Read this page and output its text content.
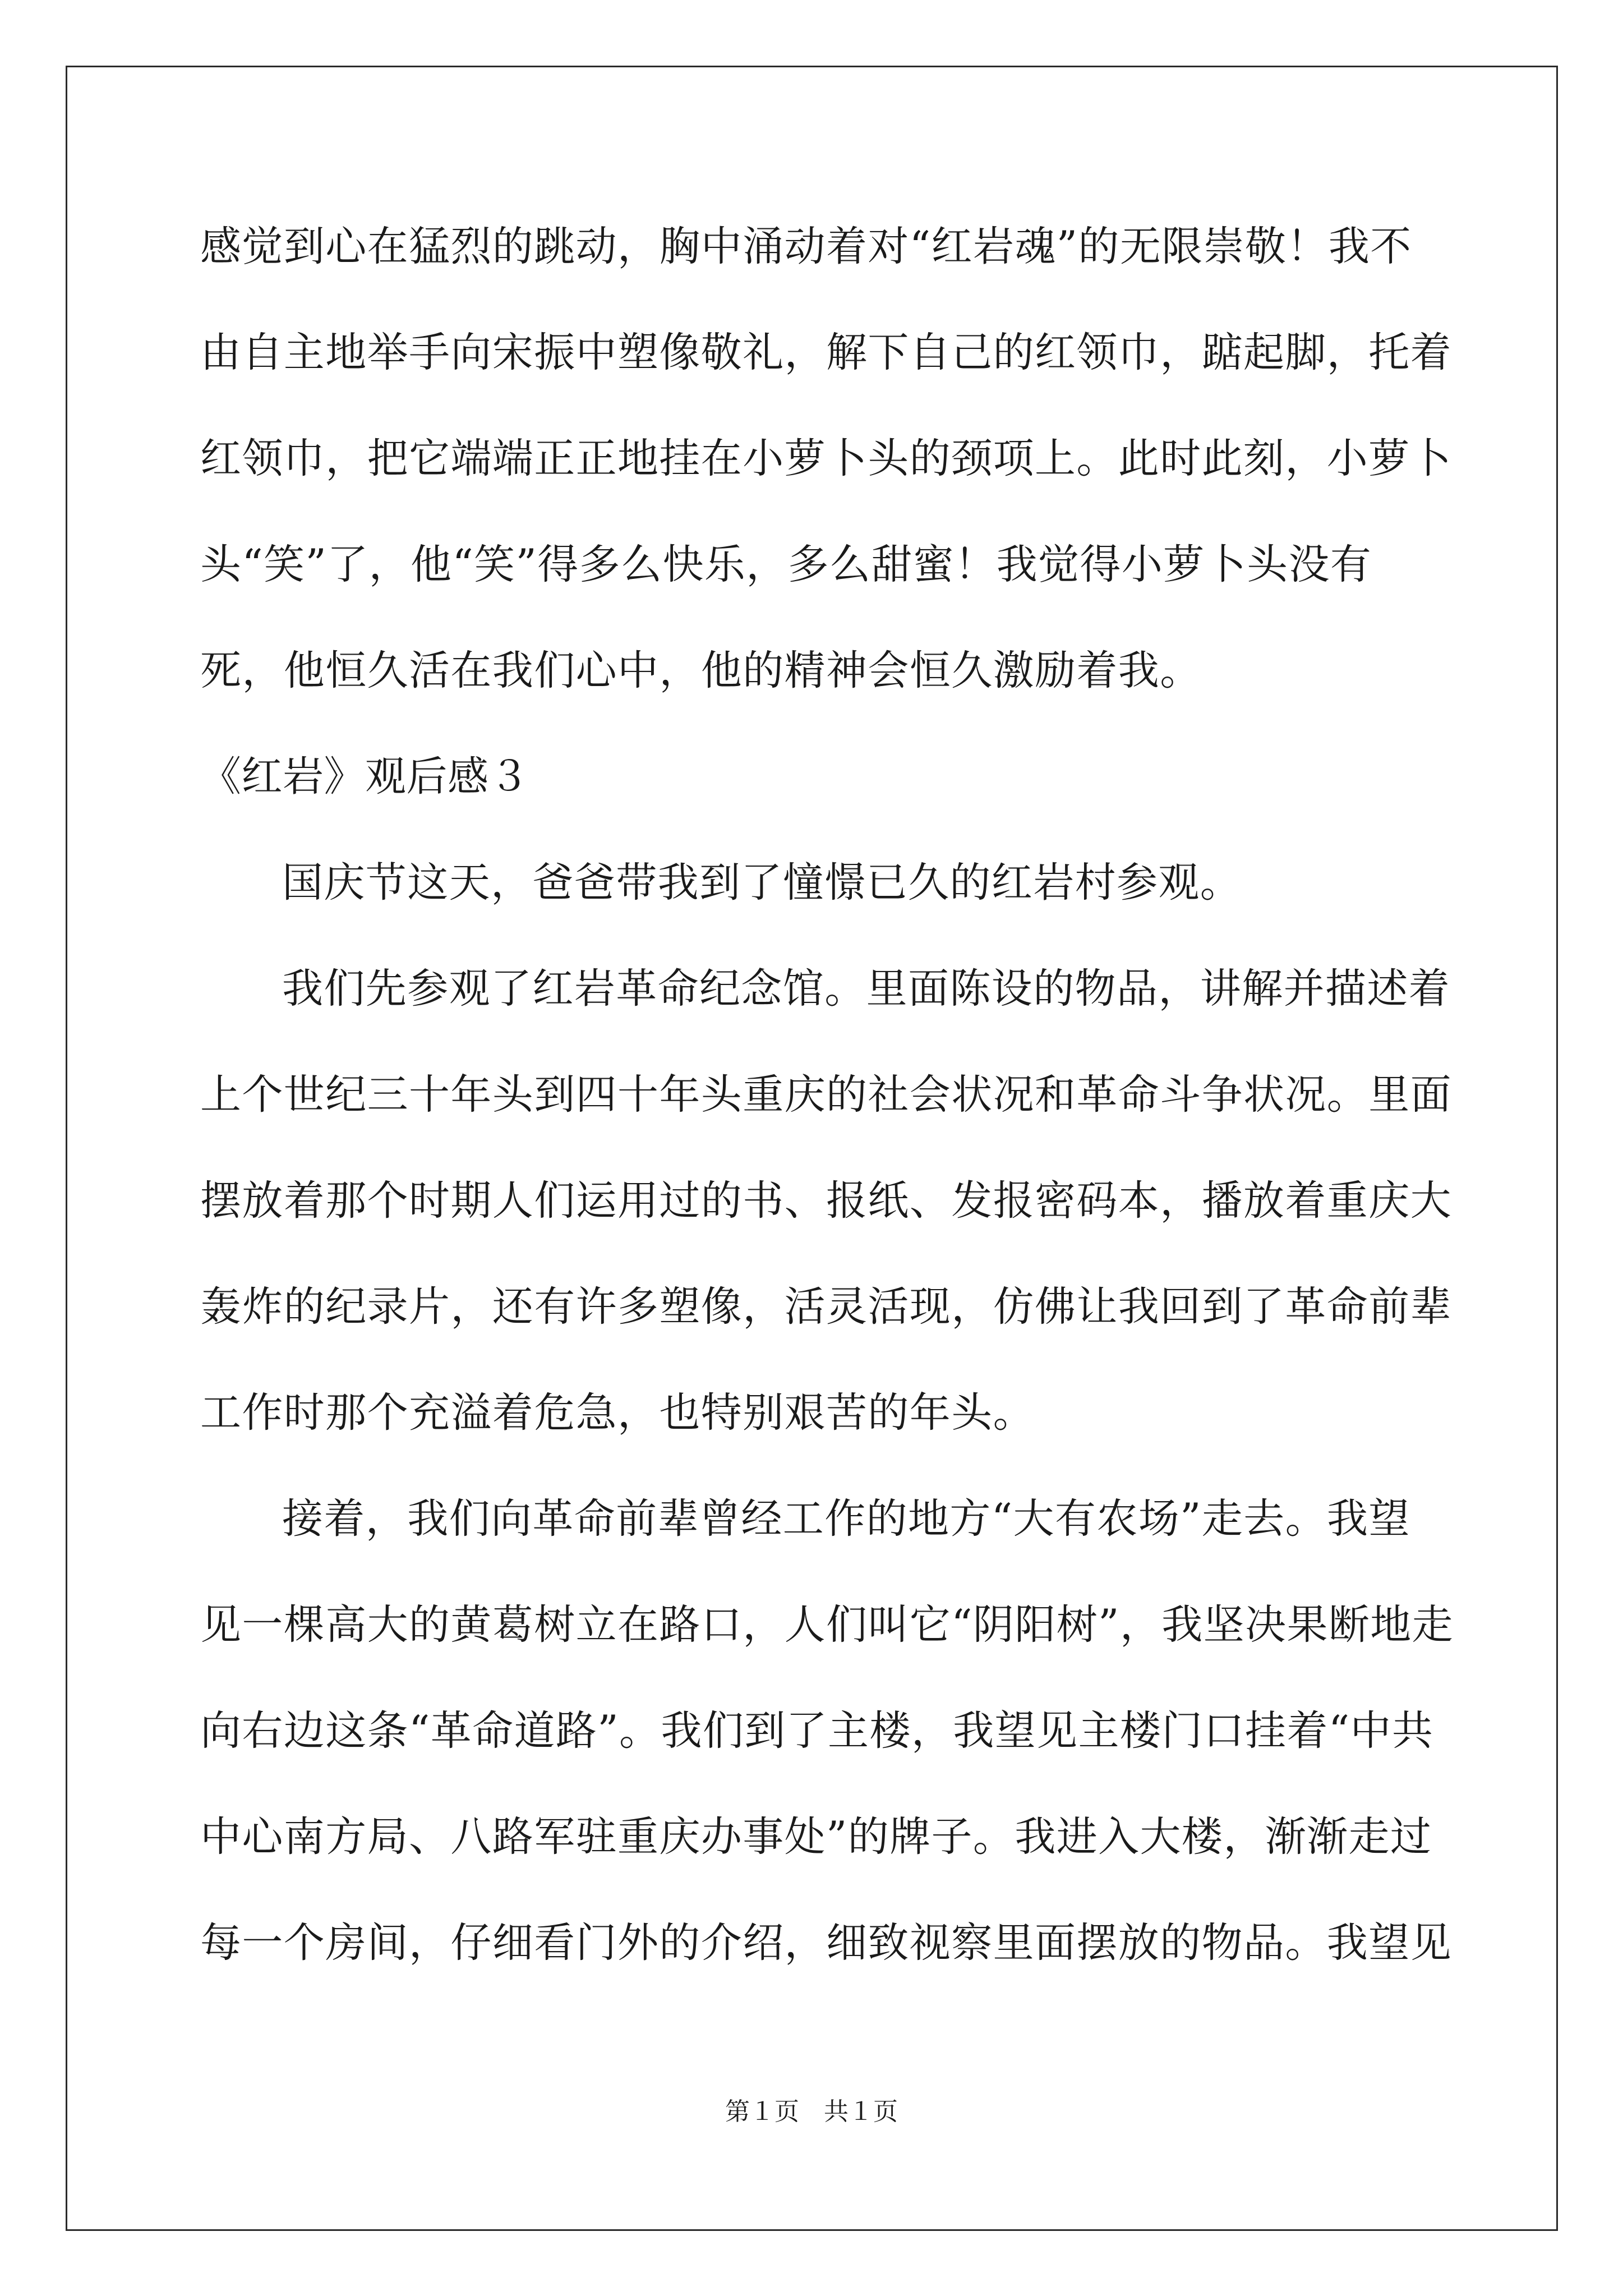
感觉到心在猛烈的跳动，胸中涌动着对“红岩魂”的无限崇敬！我不
由自主地举手向宋振中塑像敬礼，解下自己的红领巾，踮起脚，托着
红领巾，把它端端正正地挂在小萝卜头的颈项上。此时此刻，小萝卜
头“笑”了，他“笑”得多么快乐，多么甜蜜！我觉得小萝卜头没有
死，他恒久活在我们心中，他的精神会恒久激励着我。
《红岩》观后感３
国庆节这天，爸爸带我到了憧憬已久的红岩村参观。
我们先参观了红岩革命纪念馆。里面陈设的物品，讲解并描述着
上个世纪三十年头到四十年头重庆的社会状况和革命斗争状况。里面
摆放着那个时期人们运用过的书、报纸、发报密码本，播放着重庆大
轰炸的纪录片，还有许多塑像，活灵活现，仿佛让我回到了革命前辈
工作时那个充溢着危急，也特别艰苦的年头。
接着，我们向革命前辈曾经工作的地方“大有农场”走去。我望
见一棵高大的黄葛树立在路口，人们叫它“阴阳树”，我坚决果断地走
向右边这条“革命道路”。我们到了主楼，我望见主楼门口挂着“中共
中心南方局、八路军驻重庆办事处”的牌子。我进入大楼，渐渐走过
每一个房间，仔细看门外的介绍，细致视察里面摆放的物品。我望见
第１页　共１页
